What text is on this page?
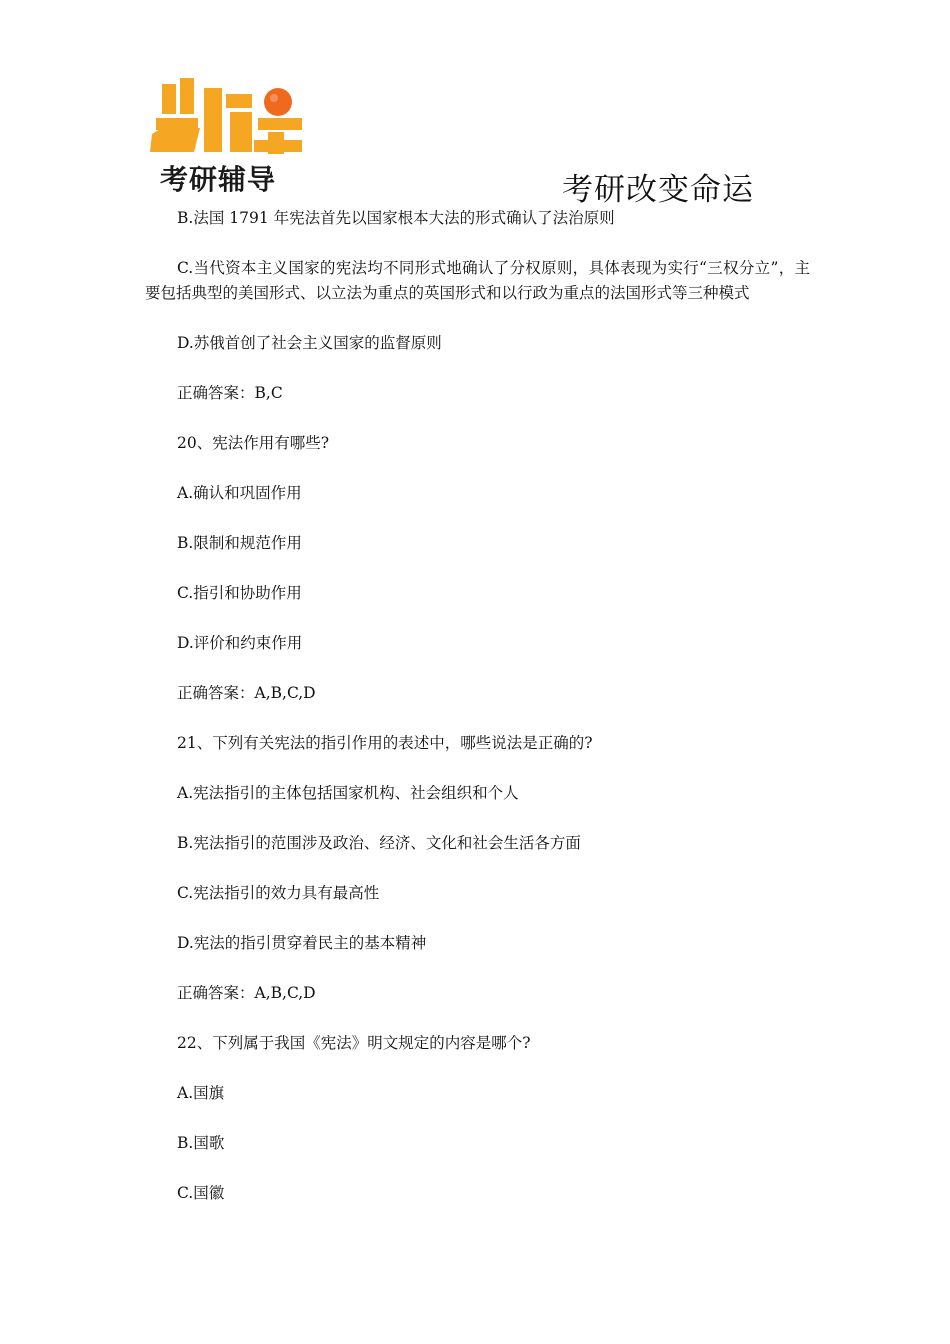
考研辅导	考研改变命运

B.法国 1791 年宪法首先以国家根本大法的形式确认了法治原则

C.当代资本主义国家的宪法均不同形式地确认了分权原则，具体表现为实行“三权分立”，主要包括典型的美国形式、以立法为重点的英国形式和以行政为重点的法国形式等三种模式

D.苏俄首创了社会主义国家的监督原则

正确答案：B,C

20、宪法作用有哪些?

A.确认和巩固作用

B.限制和规范作用

C.指引和协助作用

D.评价和约束作用

正确答案：A,B,C,D

21、下列有关宪法的指引作用的表述中，哪些说法是正确的?

A.宪法指引的主体包括国家机构、社会组织和个人

B.宪法指引的范围涉及政治、经济、文化和社会生活各方面

C.宪法指引的效力具有最高性

D.宪法的指引贯穿着民主的基本精神

正确答案：A,B,C,D

22、下列属于我国《宪法》明文规定的内容是哪个?

A.国旗

B.国歌

C.国徽
